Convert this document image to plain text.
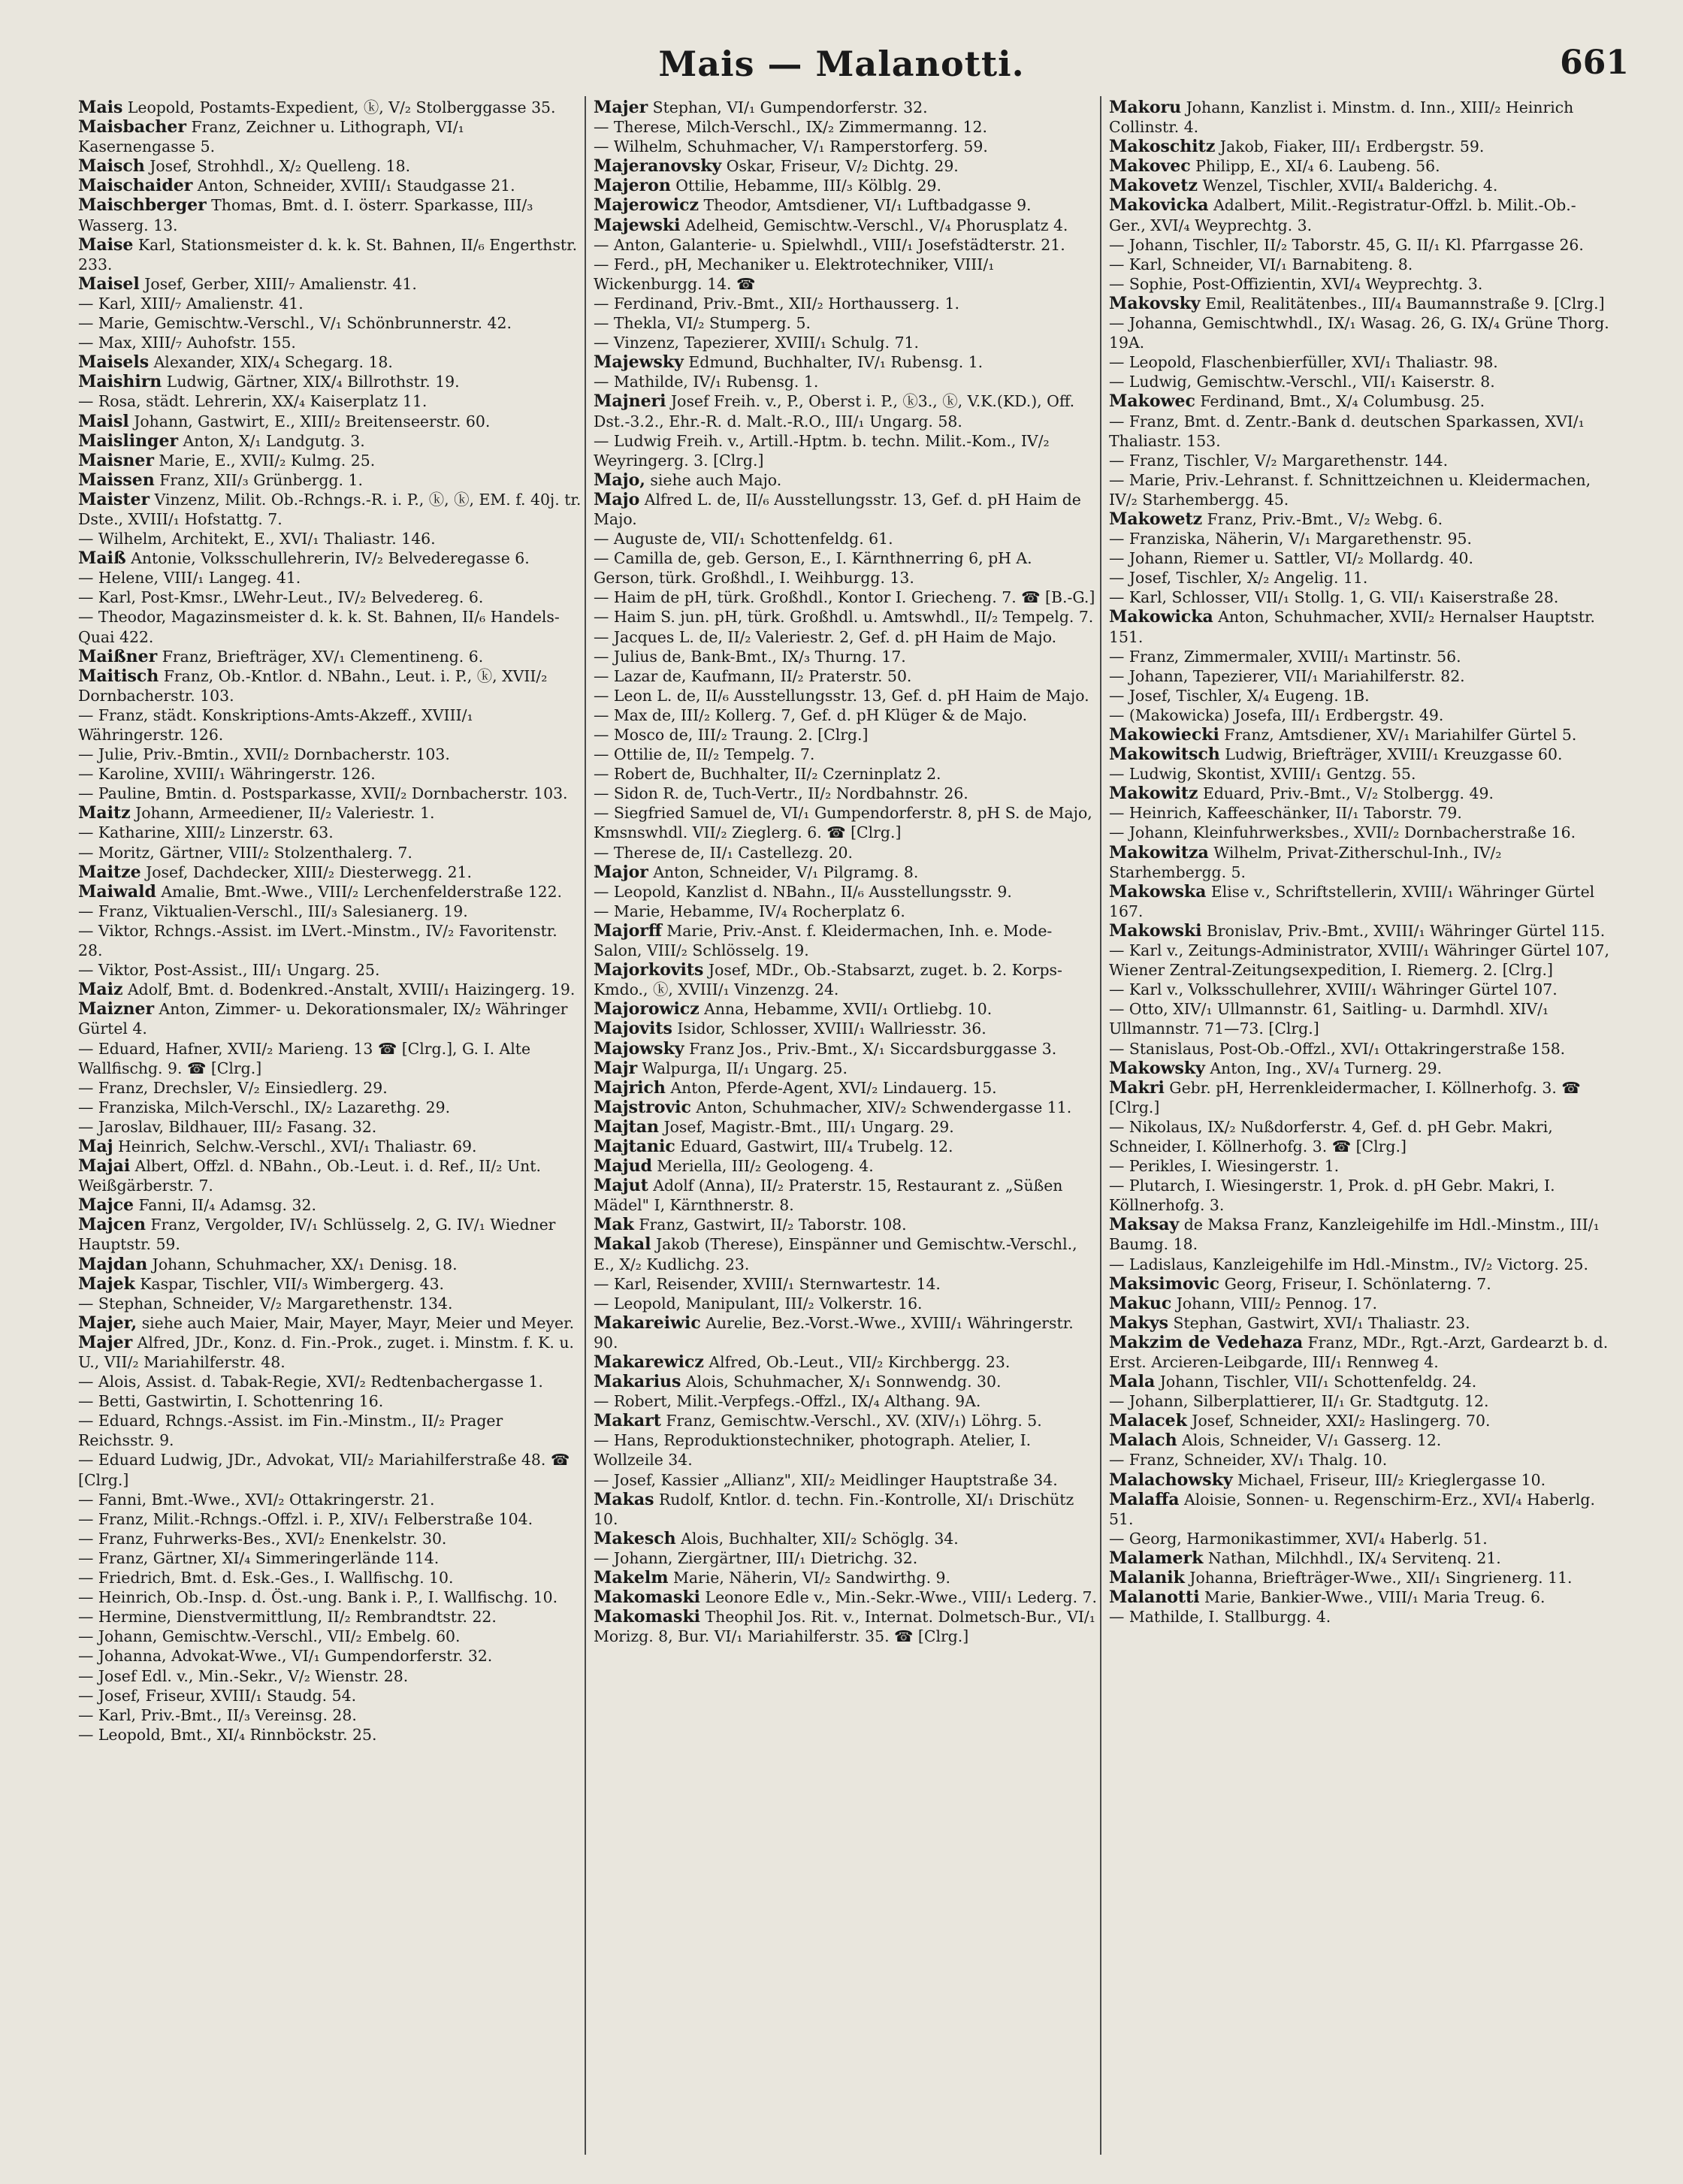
Mais — Malanotti.	661
Mais Leopold, Postamts-Expedient, ⓚ, V/₂ Stolberggasse 35.
Maisbacher Franz, Zeichner u. Lithograph, VI/₁ Kasernengasse 5.
Maisch Josef, Strohhdl., X/₂ Quelleng. 18.
Maischaider Anton, Schneider, XVIII/₁ Staudgasse 21.
Maischberger Thomas, Bmt. d. I. österr. Sparkasse, III/₃ Wasserg. 13.
Maise Karl, Stationsmeister d. k. k. St. Bahnen, II/₆ Engerthstr. 233.
Maisel Josef, Gerber, XIII/₇ Amalienstr. 41.
— Karl, XIII/₇ Amalienstr. 41.
— Marie, Gemischtw.-Verschl., V/₁ Schönbrunnerstr. 42.
— Max, XIII/₇ Auhofstr. 155.
Maisels Alexander, XIX/₄ Schegarg. 18.
Maishirn Ludwig, Gärtner, XIX/₄ Billrothstr. 19.
— Rosa, städt. Lehrerin, XX/₄ Kaiserplatz 11.
Maisl Johann, Gastwirt, E., XIII/₂ Breitenseerstr. 60.
Maislinger Anton, X/₁ Landgutg. 3.
Maisner Marie, E., XVII/₂ Kulmg. 25.
Maissen Franz, XII/₃ Grünbergg. 1.
Maister Vinzenz, Milit. Ob.-Rchngs.-R. i. P., ⓚ, ⓚ, EM. f. 40j. tr. Dste., XVIII/₁ Hofstattg. 7.
— Wilhelm, Architekt, E., XVI/₁ Thaliastr. 146.
Maiß Antonie, Volksschullehrerin, IV/₂ Belvederegasse 6.
— Helene, VIII/₁ Langeg. 41.
— Karl, Post-Kmsr., LWehr-Leut., IV/₂ Belvedereg. 6.
— Theodor, Magazinsmeister d. k. k. St. Bahnen, II/₆ Handels-Quai 422.
Maißner Franz, Briefträger, XV/₁ Clementineng. 6.
Maitisch Franz, Ob.-Kntlor. d. NBahn., Leut. i. P., ⓚ, XVII/₂ Dornbacherstr. 103.
— Franz, städt. Konskriptions-Amts-Akzeff., XVIII/₁ Währingerstr. 126.
— Julie, Priv.-Bmtin., XVII/₂ Dornbacherstr. 103.
— Karoline, XVIII/₁ Währingerstr. 126.
— Pauline, Bmtin. d. Postsparkasse, XVII/₂ Dornbacherstr. 103.
Maitz Johann, Armeediener, II/₂ Valeriestr. 1.
— Katharine, XIII/₂ Linzerstr. 63.
— Moritz, Gärtner, VIII/₂ Stolzenthalerg. 7.
Maitze Josef, Dachdecker, XIII/₂ Diesterwegg. 21.
Maiwald Amalie, Bmt.-Wwe., VIII/₂ Lerchenfelderstraße 122.
— Franz, Viktualien-Verschl., III/₃ Salesianerg. 19.
— Viktor, Rchngs.-Assist. im LVert.-Minstm., IV/₂ Favoritenstr. 28.
— Viktor, Post-Assist., III/₁ Ungarg. 25.
Maiz Adolf, Bmt. d. Bodenkred.-Anstalt, XVIII/₁ Haizingerg. 19.
Maizner Anton, Zimmer- u. Dekorationsmaler, IX/₂ Währinger Gürtel 4.
— Eduard, Hafner, XVII/₂ Marieng. 13 ☎ [Clrg.], G. I. Alte Wallfischg. 9. ☎ [Clrg.]
— Franz, Drechsler, V/₂ Einsiedlerg. 29.
— Franziska, Milch-Verschl., IX/₂ Lazarethg. 29.
— Jaroslav, Bildhauer, III/₂ Fasang. 32.
Maj Heinrich, Selchw.-Verschl., XVI/₁ Thaliastr. 69.
Majai Albert, Offzl. d. NBahn., Ob.-Leut. i. d. Ref., II/₂ Unt. Weißgärberstr. 7.
Majce Fanni, II/₄ Adamsg. 32.
Majcen Franz, Vergolder, IV/₁ Schlüsselg. 2, G. IV/₁ Wiedner Hauptstr. 59.
Majdan Johann, Schuhmacher, XX/₁ Denisg. 18.
Majek Kaspar, Tischler, VII/₃ Wimbergerg. 43.
— Stephan, Schneider, V/₂ Margarethenstr. 134.
Majer, siehe auch Maier, Mair, Mayer, Mayr, Meier und Meyer.
Majer Alfred, JDr., Konz. d. Fin.-Prok., zuget. i. Minstm. f. K. u. U., VII/₂ Mariahilferstr. 48.
— Alois, Assist. d. Tabak-Regie, XVI/₂ Redtenbachergasse 1.
— Betti, Gastwirtin, I. Schottenring 16.
— Eduard, Rchngs.-Assist. im Fin.-Minstm., II/₂ Prager Reichsstr. 9.
— Eduard Ludwig, JDr., Advokat, VII/₂ Mariahilferstraße 48. ☎ [Clrg.]
— Fanni, Bmt.-Wwe., XVI/₂ Ottakringerstr. 21.
— Franz, Milit.-Rchngs.-Offzl. i. P., XIV/₁ Felberstraße 104.
— Franz, Fuhrwerks-Bes., XVI/₂ Enenkelstr. 30.
— Franz, Gärtner, XI/₄ Simmeringerlände 114.
— Friedrich, Bmt. d. Esk.-Ges., I. Wallfischg. 10.
— Heinrich, Ob.-Insp. d. Öst.-ung. Bank i. P., I. Wallfischg. 10.
— Hermine, Dienstvermittlung, II/₂ Rembrandtstr. 22.
— Johann, Gemischtw.-Verschl., VII/₂ Embelg. 60.
— Johanna, Advokat-Wwe., VI/₁ Gumpendorferstr. 32.
— Josef Edl. v., Min.-Sekr., V/₂ Wienstr. 28.
— Josef, Friseur, XVIII/₁ Staudg. 54.
— Karl, Priv.-Bmt., II/₃ Vereinsg. 28.
— Leopold, Bmt., XI/₄ Rinnböckstr. 25.
Majer Stephan, VI/₁ Gumpendorferstr. 32.
— Therese, Milch-Verschl., IX/₂ Zimmermanng. 12.
— Wilhelm, Schuhmacher, V/₁ Ramperstorferg. 59.
Majeranovsky Oskar, Friseur, V/₂ Dichtg. 29.
Majeron Ottilie, Hebamme, III/₃ Kölblg. 29.
Majerowicz Theodor, Amtsdiener, VI/₁ Luftbadgasse 9.
Majewski Adelheid, Gemischtw.-Verschl., V/₄ Phorusplatz 4.
— Anton, Galanterie- u. Spielwhdl., VIII/₁ Josefstädterstr. 21.
— Ferd., pH, Mechaniker u. Elektrotechniker, VIII/₁ Wickenburgg. 14. ☎
— Ferdinand, Priv.-Bmt., XII/₂ Horthausserg. 1.
— Thekla, VI/₂ Stumperg. 5.
— Vinzenz, Tapezierer, XVIII/₁ Schulg. 71.
Majewsky Edmund, Buchhalter, IV/₁ Rubensg. 1.
— Mathilde, IV/₁ Rubensg. 1.
Majneri Josef Freih. v., P., Oberst i. P., ⓚ3., ⓚ, V.K.(KD.), Off. Dst.-3.2., Ehr.-R. d. Malt.-R.O., III/₁ Ungarg. 58.
— Ludwig Freih. v., Artill.-Hptm. b. techn. Milit.-Kom., IV/₂ Weyringerg. 3. [Clrg.]
Majo, siehe auch Majo.
Majo Alfred L. de, II/₆ Ausstellungsstr. 13, Gef. d. pH Haim de Majo.
— Auguste de, VII/₁ Schottenfeldg. 61.
— Camilla de, geb. Gerson, E., I. Kärnthnerring 6, pH A. Gerson, türk. Großhdl., I. Weihburgg. 13.
— Haim de pH, türk. Großhdl., Kontor I. Griecheng. 7. ☎ [B.-G.]
— Haim S. jun. pH, türk. Großhdl. u. Amtswhdl., II/₂ Tempelg. 7.
— Jacques L. de, II/₂ Valeriestr. 2, Gef. d. pH Haim de Majo.
— Julius de, Bank-Bmt., IX/₃ Thurng. 17.
— Lazar de, Kaufmann, II/₂ Praterstr. 50.
— Leon L. de, II/₆ Ausstellungsstr. 13, Gef. d. pH Haim de Majo.
— Max de, III/₂ Kollerg. 7, Gef. d. pH Klüger & de Majo.
— Mosco de, III/₂ Traung. 2. [Clrg.]
— Ottilie de, II/₂ Tempelg. 7.
— Robert de, Buchhalter, II/₂ Czerninplatz 2.
— Sidon R. de, Tuch-Vertr., II/₂ Nordbahnstr. 26.
— Siegfried Samuel de, VI/₁ Gumpendorferstr. 8, pH S. de Majo, Kmsnswhdl. VII/₂ Zieglerg. 6. ☎ [Clrg.]
— Therese de, II/₁ Castellezg. 20.
Major Anton, Schneider, V/₁ Pilgramg. 8.
— Leopold, Kanzlist d. NBahn., II/₆ Ausstellungsstr. 9.
— Marie, Hebamme, IV/₄ Rocherplatz 6.
Majorff Marie, Priv.-Anst. f. Kleidermachen, Inh. e. Mode-Salon, VIII/₂ Schlösselg. 19.
Majorkovits Josef, MDr., Ob.-Stabsarzt, zuget. b. 2. Korps-Kmdo., ⓚ, XVIII/₁ Vinzenzg. 24.
Majorowicz Anna, Hebamme, XVII/₁ Ortliebg. 10.
Majovits Isidor, Schlosser, XVIII/₁ Wallriesstr. 36.
Majowsky Franz Jos., Priv.-Bmt., X/₁ Siccardsburggasse 3.
Majr Walpurga, II/₁ Ungarg. 25.
Majrich Anton, Pferde-Agent, XVI/₂ Lindauerg. 15.
Majstrovic Anton, Schuhmacher, XIV/₂ Schwendergasse 11.
Majtan Josef, Magistr.-Bmt., III/₁ Ungarg. 29.
Majtanic Eduard, Gastwirt, III/₄ Trubelg. 12.
Majud Meriella, III/₂ Geologeng. 4.
Majut Adolf (Anna), II/₂ Praterstr. 15, Restaurant z. „Süßen Mädel" I, Kärnthnerstr. 8.
Mak Franz, Gastwirt, II/₂ Taborstr. 108.
Makal Jakob (Therese), Einspänner und Gemischtw.-Verschl., E., X/₂ Kudlichg. 23.
— Karl, Reisender, XVIII/₁ Sternwartestr. 14.
— Leopold, Manipulant, III/₂ Volkerstr. 16.
Makareiwic Aurelie, Bez.-Vorst.-Wwe., XVIII/₁ Währingerstr. 90.
Makarewicz Alfred, Ob.-Leut., VII/₂ Kirchbergg. 23.
Makarius Alois, Schuhmacher, X/₁ Sonnwendg. 30.
— Robert, Milit.-Verpfegs.-Offzl., IX/₄ Althang. 9A.
Makart Franz, Gemischtw.-Verschl., XV. (XIV/₁) Löhrg. 5.
— Hans, Reproduktionstechniker, photograph. Atelier, I. Wollzeile 34.
— Josef, Kassier „Allianz", XII/₂ Meidlinger Hauptstraße 34.
Makas Rudolf, Kntlor. d. techn. Fin.-Kontrolle, XI/₁ Drischütz 10.
Makesch Alois, Buchhalter, XII/₂ Schöglg. 34.
— Johann, Ziergärtner, III/₁ Dietrichg. 32.
Makelm Marie, Näherin, VI/₂ Sandwirthg. 9.
Makomaski Leonore Edle v., Min.-Sekr.-Wwe., VIII/₁ Lederg. 7.
Makomaski Theophil Jos. Rit. v., Internat. Dolmetsch-Bur., VI/₁ Morizg. 8, Bur. VI/₁ Mariahilferstr. 35. ☎ [Clrg.]
Makoru Johann, Kanzlist i. Minstm. d. Inn., XIII/₂ Heinrich Collinstr. 4.
Makoschitz Jakob, Fiaker, III/₁ Erdbergstr. 59.
Makovec Philipp, E., XI/₄ 6. Laubeng. 56.
Makovetz Wenzel, Tischler, XVII/₄ Balderichg. 4.
Makovicka Adalbert, Milit.-Registratur-Offzl. b. Milit.-Ob.-Ger., XVI/₄ Weyprechtg. 3.
— Johann, Tischler, II/₂ Taborstr. 45, G. II/₁ Kl. Pfarrgasse 26.
— Karl, Schneider, VI/₁ Barnabiteng. 8.
— Sophie, Post-Offizientin, XVI/₄ Weyprechtg. 3.
Makovsky Emil, Realitätenbes., III/₄ Baumannstraße 9. [Clrg.]
— Johanna, Gemischtwhdl., IX/₁ Wasag. 26, G. IX/₄ Grüne Thorg. 19A.
— Leopold, Flaschenbierfüller, XVI/₁ Thaliastr. 98.
— Ludwig, Gemischtw.-Verschl., VII/₁ Kaiserstr. 8.
Makowec Ferdinand, Bmt., X/₄ Columbusg. 25.
— Franz, Bmt. d. Zentr.-Bank d. deutschen Sparkassen, XVI/₁ Thaliastr. 153.
— Franz, Tischler, V/₂ Margarethenstr. 144.
— Marie, Priv.-Lehranst. f. Schnittzeichnen u. Kleidermachen, IV/₂ Starhembergg. 45.
Makowetz Franz, Priv.-Bmt., V/₂ Webg. 6.
— Franziska, Näherin, V/₁ Margarethenstr. 95.
— Johann, Riemer u. Sattler, VI/₂ Mollardg. 40.
— Josef, Tischler, X/₂ Angelig. 11.
— Karl, Schlosser, VII/₁ Stollg. 1, G. VII/₁ Kaiserstraße 28.
Makowicka Anton, Schuhmacher, XVII/₂ Hernalser Hauptstr. 151.
— Franz, Zimmermaler, XVIII/₁ Martinstr. 56.
— Johann, Tapezierer, VII/₁ Mariahilferstr. 82.
— Josef, Tischler, X/₄ Eugeng. 1B.
— (Makowicka) Josefa, III/₁ Erdbergstr. 49.
Makowiecki Franz, Amtsdiener, XV/₁ Mariahilfer Gürtel 5.
Makowitsch Ludwig, Briefträger, XVIII/₁ Kreuzgasse 60.
— Ludwig, Skontist, XVIII/₁ Gentzg. 55.
Makowitz Eduard, Priv.-Bmt., V/₂ Stolbergg. 49.
— Heinrich, Kaffeeschänker, II/₁ Taborstr. 79.
— Johann, Kleinfuhrwerksbes., XVII/₂ Dornbacherstraße 16.
Makowitza Wilhelm, Privat-Zitherschul-Inh., IV/₂ Starhembergg. 5.
Makowska Elise v., Schriftstellerin, XVIII/₁ Währinger Gürtel 167.
Makowski Bronislav, Priv.-Bmt., XVIII/₁ Währinger Gürtel 115.
— Karl v., Zeitungs-Administrator, XVIII/₁ Währinger Gürtel 107, Wiener Zentral-Zeitungsexpedition, I. Riemerg. 2. [Clrg.]
— Karl v., Volksschullehrer, XVIII/₁ Währinger Gürtel 107.
— Otto, XIV/₁ Ullmannstr. 61, Saitling- u. Darmhdl. XIV/₁ Ullmannstr. 71—73. [Clrg.]
— Stanislaus, Post-Ob.-Offzl., XVI/₁ Ottakringerstraße 158.
Makowsky Anton, Ing., XV/₄ Turnerg. 29.
Makri Gebr. pH, Herrenkleidermacher, I. Köllnerhofg. 3. ☎ [Clrg.]
— Nikolaus, IX/₂ Nußdorferstr. 4, Gef. d. pH Gebr. Makri, Schneider, I. Köllnerhofg. 3. ☎ [Clrg.]
— Perikles, I. Wiesingerstr. 1.
— Plutarch, I. Wiesingerstr. 1, Prok. d. pH Gebr. Makri, I. Köllnerhofg. 3.
Maksay de Maksa Franz, Kanzleigehilfe im Hdl.-Minstm., III/₁ Baumg. 18.
— Ladislaus, Kanzleigehilfe im Hdl.-Minstm., IV/₂ Victorg. 25.
Maksimovic Georg, Friseur, I. Schönlaterng. 7.
Makuc Johann, VIII/₂ Pennog. 17.
Makys Stephan, Gastwirt, XVI/₁ Thaliastr. 23.
Makzim de Vedehaza Franz, MDr., Rgt.-Arzt, Gardearzt b. d. Erst. Arcieren-Leibgarde, III/₁ Rennweg 4.
Mala Johann, Tischler, VII/₁ Schottenfeldg. 24.
— Johann, Silberplattierer, II/₁ Gr. Stadtgutg. 12.
Malacek Josef, Schneider, XXI/₂ Haslingerg. 70.
Malach Alois, Schneider, V/₁ Gasserg. 12.
— Franz, Schneider, XV/₁ Thalg. 10.
Malachowsky Michael, Friseur, III/₂ Krieglergasse 10.
Malaffa Aloisie, Sonnen- u. Regenschirm-Erz., XVI/₄ Haberlg. 51.
— Georg, Harmonikastimmer, XVI/₄ Haberlg. 51.
Malamerk Nathan, Milchhdl., IX/₄ Servitenq. 21.
Malanik Johanna, Briefträger-Wwe., XII/₁ Singrienerg. 11.
Malanotti Marie, Bankier-Wwe., VIII/₁ Maria Treug. 6.
— Mathilde, I. Stallburgg. 4.
